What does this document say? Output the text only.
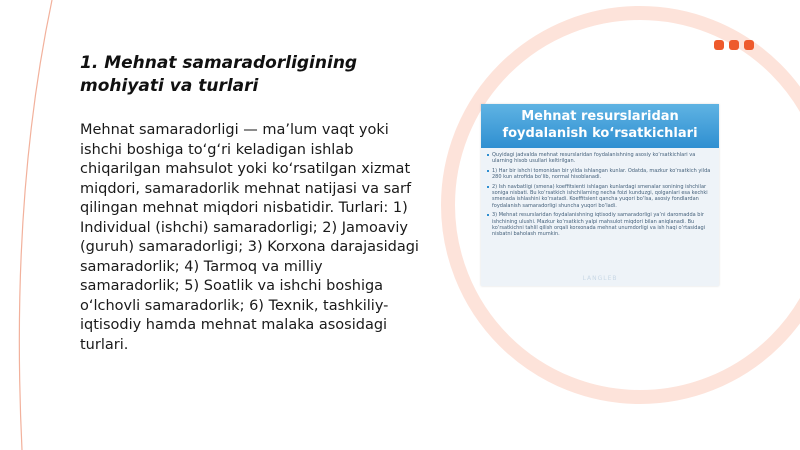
1. Mehnat samaradorligining mohiyati va turlari

Mehnat samaradorligi — ma’lum vaqt yoki ishchi boshiga to‘g‘ri keladigan ishlab chiqarilgan mahsulot yoki ko‘rsatilgan xizmat miqdori, samaradorlik mehnat natijasi va sarf qilingan mehnat miqdori nisbatidir. Turlari: 1) Individual (ishchi) samaradorligi; 2) Jamoaviy (guruh) samaradorligi; 3) Korxona darajasidagi samaradorlik; 4) Tarmoq va milliy samaradorlik; 5) Soatlik va ishchi boshiga o‘lchovli samaradorlik; 6) Texnik, tashkiliy-iqtisodiy hamda mehnat malaka asosidagi turlari.

Mehnat resurslaridan foydalanish ko‘rsatkichlari
Quyidagi jadvalda mehnat resurslaridan foydalanishning asosiy ko‘rsatkichlari va ularning hisob usullari keltirilgan.
1) Har bir ishchi tomonidan bir yilda ishlangan kunlar. Odatda, mazkur ko‘rsatkich yilda 280 kun atrofida bo‘lib, normal hisoblanadi.
2) Ish navbatligi (smena) koeffitsienti ishlagan kunlardagi smenalar sonining ishchilar soniga nisbati. Bu ko‘rsatkich ishchilarning necha foizi kunduzgi, qolganlari esa kechki smenada ishlashini ko‘rsatadi. Koeffitsient qancha yuqori bo‘lsa, asosiy fondlardan foydalanish samaradorligi shuncha yuqori bo‘ladi.
3) Mehnat resurslaridan foydalanishning iqtisodiy samaradorligi ya’ni daromadda bir ishchining ulushi. Mazkur ko‘rsatkich yalpi mahsulot miqdori bilan aniqlanadi. Bu ko‘rsatkichni tahlil qilish orqali korxonada mehnat unumdorligi va ish haqi o‘rtasidagi nisbatni baholash mumkin.
LANGLEB
